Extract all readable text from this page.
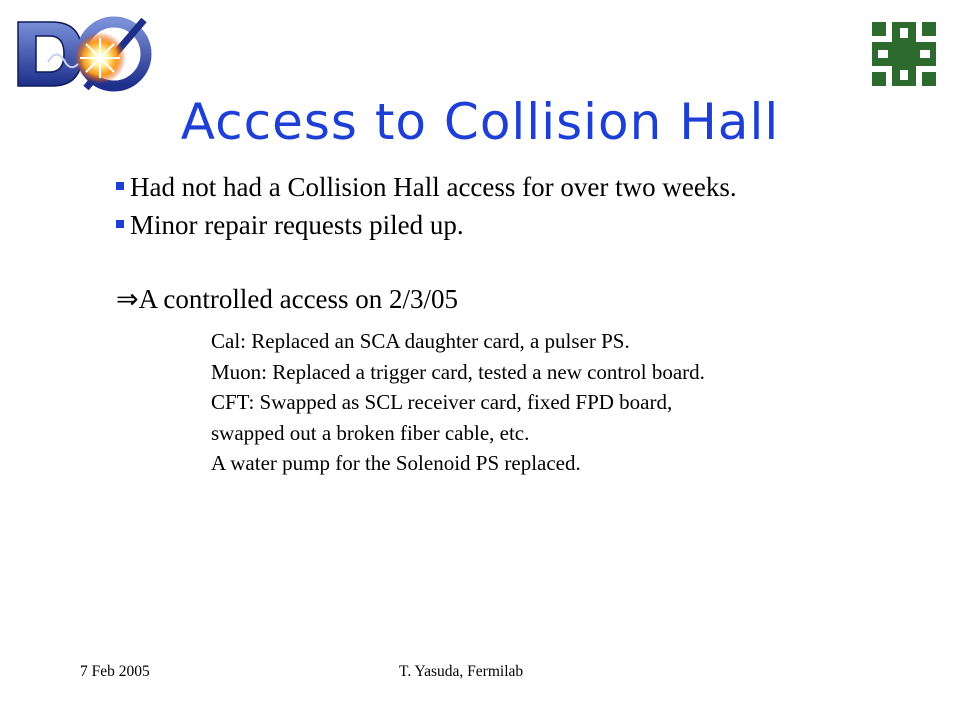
Access to Collision Hall
Had not had a Collision Hall access for over two weeks.
Minor repair requests piled up.
⇒A controlled access on 2/3/05
Cal: Replaced an SCA daughter card, a pulser PS.
Muon: Replaced a trigger card, tested a new control board.
CFT: Swapped as SCL receiver card, fixed FPD board,
swapped out a broken fiber cable, etc.
A water pump for the Solenoid PS replaced.
7 Feb 2005	T. Yasuda, Fermilab
